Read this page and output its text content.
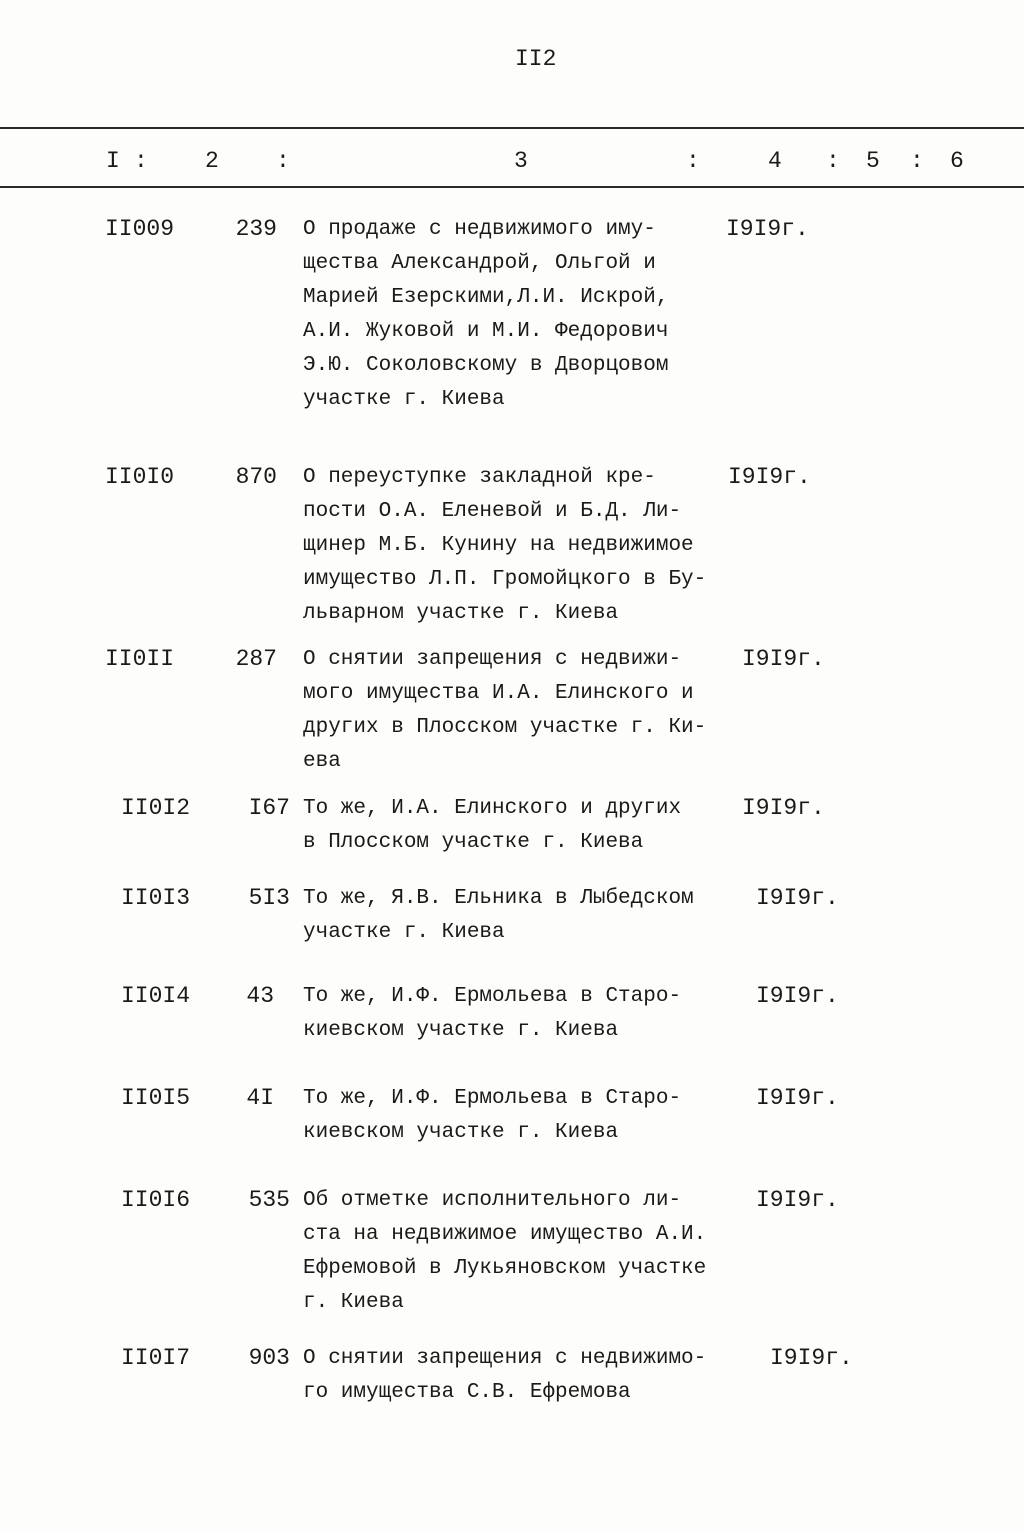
II2
I : 2 :	3	:	4 : 5 : 6
II009	239 О продаже с недвижимого иму-
щества Александрой, Ольгой и
Марией Езерскими,Л.И. Искрой,
А.И. Жуковой и М.И. Федорович
Э.Ю. Соколовскому в Дворцовом
участке г. Киева
I9I9г.
II0I0	870 О переуступке закладной кре-
пости О.А. Еленевой и Б.Д. Ли-
щинер М.Б. Кунину на недвижимое
имущество Л.П. Громойцкого в Бу-
льварном участке г. Киева
I9I9г.
II0II	287 О снятии запрещения с недвижи-
мого имущества И.А. Елинского и
других в Плосском участке г. Ки-
ева
I9I9г.
II0I2	I67 То же, И.А. Елинского и других
в Плосском участке г. Киева
I9I9г.
II0I3	5I3 То же, Я.В. Ельника в Лыбедском
участке г. Киева
I9I9г.
II0I4	43 То же, И.Ф. Ермольева в Старо-
киевском участке г. Киева
I9I9г.
II0I5	4I То же, И.Ф. Ермольева в Старо-
киевском участке г. Киева
I9I9г.
II0I6	535 Об отметке исполнительного ли-
ста на недвижимое имущество А.И.
Ефремовой в Лукьяновском участке
г. Киева
I9I9г.
II0I7	903 О снятии запрещения с недвижимо-
го имущества С.В. Ефремова
I9I9г.
